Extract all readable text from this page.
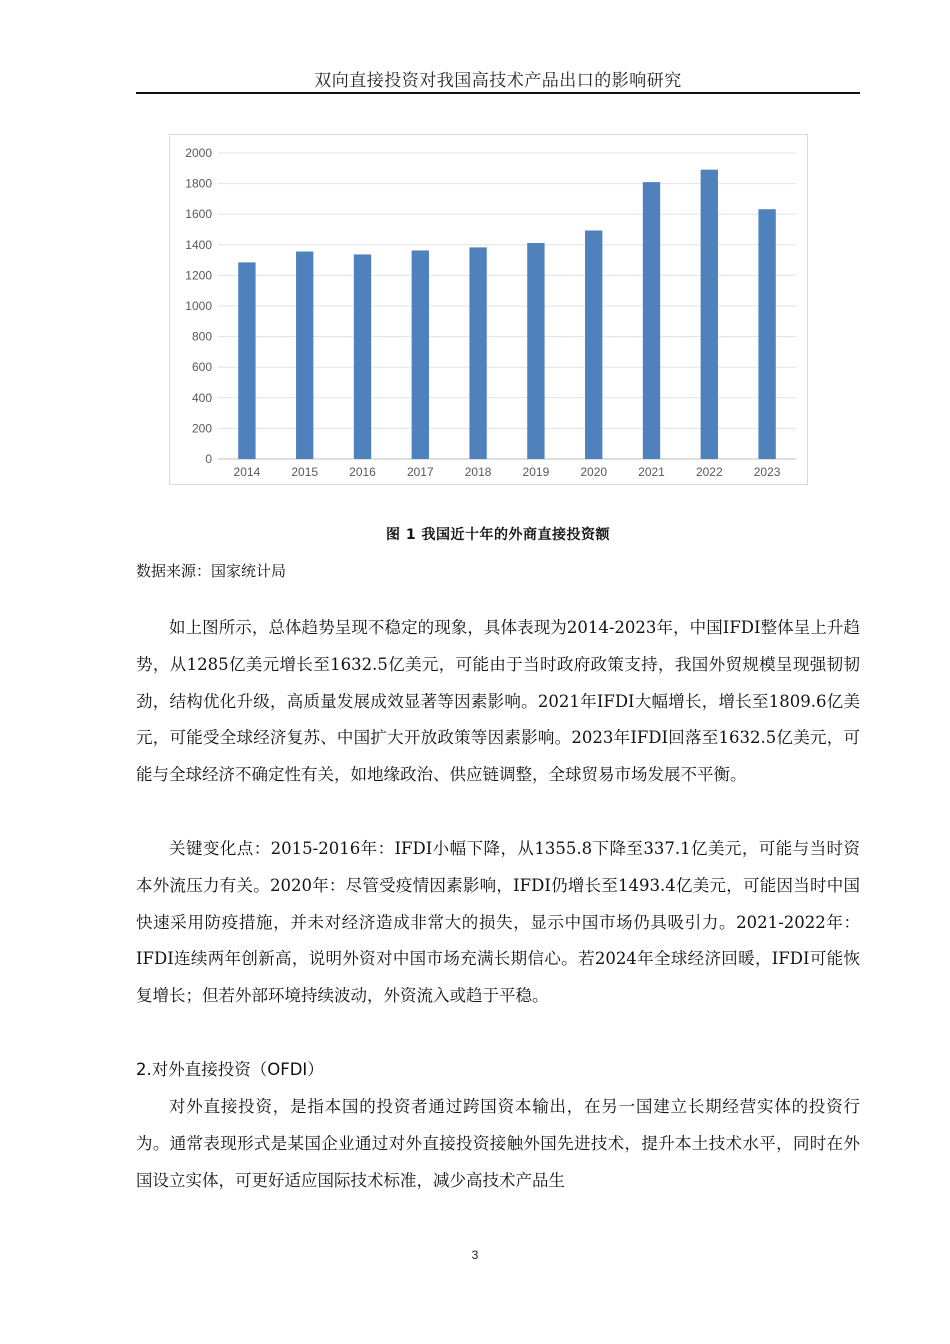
双向直接投资对我国高技术产品出口的影响研究
0
200
400
600
800
1000
1200
1400
1600
1800
2000
2014	2015	2016	2017	2018	2019	2020	2021	2022	2023
图 1 我国近十年的外商直接投资额
数据来源：国家统计局

如上图所示，总体趋势呈现不稳定的现象，具体表现为2014-2023年，中国IFDI整体呈上升趋势，从1285亿美元增长至1632.5亿美元，可能由于当时政府政策支持，我国外贸规模呈现强韧韧劲，结构优化升级，高质量发展成效显著等因素影响。2021年IFDI大幅增长，增长至1809.6亿美元，可能受全球经济复苏、中国扩大开放政策等因素影响。2023年IFDI回落至1632.5亿美元，可能与全球经济不确定性有关，如地缘政治、供应链调整，全球贸易市场发展不平衡。

关键变化点：2015-2016年：IFDI小幅下降，从1355.8下降至337.1亿美元，可能与当时资本外流压力有关。2020年：尽管受疫情因素影响，IFDI仍增长至1493.4亿美元，可能因当时中国快速采用防疫措施，并未对经济造成非常大的损失，显示中国市场仍具吸引力。2021-2022年：IFDI连续两年创新高，说明外资对中国市场充满长期信心。若2024年全球经济回暖，IFDI可能恢复增长；但若外部环境持续波动，外资流入或趋于平稳。

2.对外直接投资（OFDI）

对外直接投资，是指本国的投资者通过跨国资本输出，在另一国建立长期经营实体的投资行为。通常表现形式是某国企业通过对外直接投资接触外国先进技术，提升本土技术水平，同时在外国设立实体，可更好适应国际技术标准，减少高技术产品生

3
